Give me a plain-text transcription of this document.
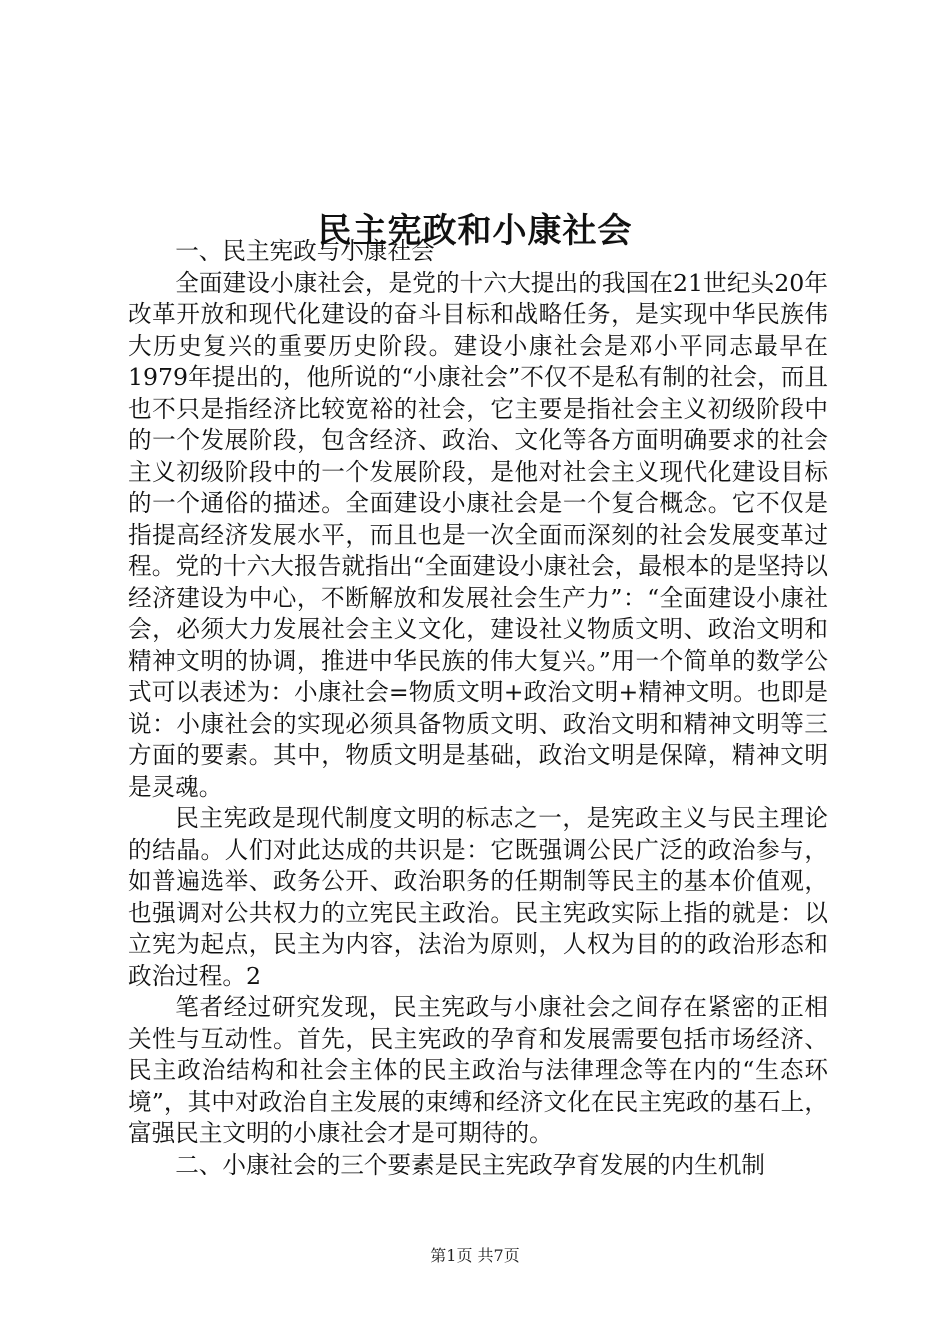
民主宪政和小康社会

一、民主宪政与小康社会

全面建设小康社会，是党的十六大提出的我国在21世纪头20年改革开放和现代化建设的奋斗目标和战略任务，是实现中华民族伟大历史复兴的重要历史阶段。建设小康社会是邓小平同志最早在1979年提出的，他所说的“小康社会”不仅不是私有制的社会，而且也不只是指经济比较宽裕的社会，它主要是指社会主义初级阶段中的一个发展阶段，包含经济、政治、文化等各方面明确要求的社会主义初级阶段中的一个发展阶段，是他对社会主义现代化建设目标的一个通俗的描述。全面建设小康社会是一个复合概念。它不仅是指提高经济发展水平，而且也是一次全面而深刻的社会发展变革过程。党的十六大报告就指出“全面建设小康社会，最根本的是坚持以经济建设为中心，不断解放和发展社会生产力”：“全面建设小康社会，必须大力发展社会主义文化，建设社义物质文明、政治文明和精神文明的协调，推进中华民族的伟大复兴。”用一个简单的数学公式可以表述为：小康社会=物质文明+政治文明+精神文明。也即是说：小康社会的实现必须具备物质文明、政治文明和精神文明等三方面的要素。其中，物质文明是基础，政治文明是保障，精神文明是灵魂。

民主宪政是现代制度文明的标志之一，是宪政主义与民主理论的结晶。人们对此达成的共识是：它既强调公民广泛的政治参与，如普遍选举、政务公开、政治职务的任期制等民主的基本价值观，也强调对公共权力的立宪民主政治。民主宪政实际上指的就是：以立宪为起点，民主为内容，法治为原则，人权为目的的政治形态和政治过程。2

笔者经过研究发现，民主宪政与小康社会之间存在紧密的正相关性与互动性。首先，民主宪政的孕育和发展需要包括市场经济、民主政治结构和社会主体的民主政治与法律理念等在内的“生态环境”，其中对政治自主发展的束缚和经济文化在民主宪政的基石上，富强民主文明的小康社会才是可期待的。

二、小康社会的三个要素是民主宪政孕育发展的内生机制

第1页 共7页
